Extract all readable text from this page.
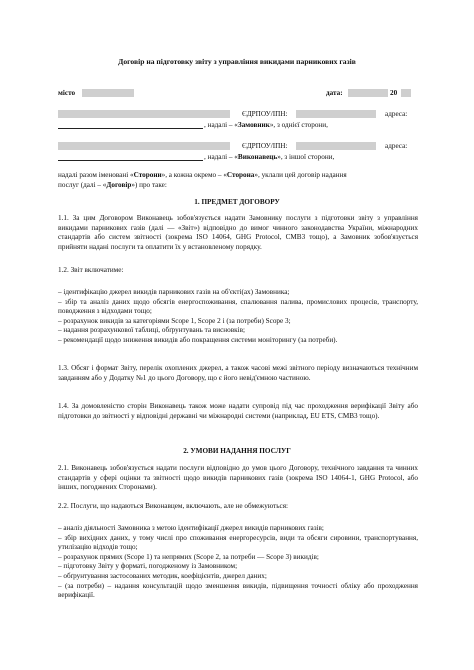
Договір на підготовку звіту з управління викидами парникових газів
місто	дата:	20
ЄДРПОУ/ІПН:	адреса:
, надалі – «Замовник», з однієї сторони,
ЄДРПОУ/ІПН:	адреса:
, надалі – «Виконавець», з іншої сторони,
надалі разом іменовані «Сторони», а кожна окремо – «Сторона», уклали цей договір надання
послуг (далі – «Договір») про таке:
1. ПРЕДМЕТ ДОГОВОРУ
1.1. За цим Договором Виконавець зобов'язується надати Замовнику послуги з підготовки звіту з управління викидами парникових газів (далі — «Звіт») відповідно до вимог чинного законодавства України, міжнародних стандартів або систем звітності (зокрема ISO 14064, GHG Protocol, CMB3 тощо), а Замовник зобов'язується прийняти надані послуги та оплатити їх у встановленому порядку.
1.2. Звіт включатиме:
– ідентифікацію джерел викидів парникових газів на об'єкті(ах) Замовника;
– збір та аналіз даних щодо обсягів енергоспоживання, спалювання палива, промислових процесів, транспорту, поводження з відходами тощо;
– розрахунок викидів за категоріями Scope 1, Scope 2 і (за потреби) Scope 3;
– надання розрахункової таблиці, обґрунтувань та висновків;
– рекомендації щодо зниження викидів або покращення системи моніторингу (за потреби).
1.3. Обсяг і формат Звіту, перелік охоплених джерел, а також часові межі звітного періоду визначаються технічним завданням або у Додатку №1 до цього Договору, що є його невід'ємною частиною.
1.4. За домовленістю сторін Виконавець також може надати супровід під час проходження верифікації Звіту або підготовки до звітності у відповідні державні чи міжнародні системи (наприклад, EU ETS, CMB3 тощо).
2. УМОВИ НАДАННЯ ПОСЛУГ
2.1. Виконавець зобов'язується надати послуги відповідно до умов цього Договору, технічного завдання та чинних стандартів у сфері оцінки та звітності щодо викидів парникових газів (зокрема ISO 14064-1, GHG Protocol, або інших, погоджених Сторонами).
2.2. Послуги, що надаються Виконавцем, включають, але не обмежуються:
– аналіз діяльності Замовника з метою ідентифікації джерел викидів парникових газів;
– збір вихідних даних, у тому числі про споживання енергоресурсів, види та обсяги сировини, транспортування, утилізацію відходів тощо;
– розрахунок прямих (Scope 1) та непрямих (Scope 2, за потреби — Scope 3) викидів;
– підготовку Звіту у форматі, погодженому із Замовником;
– обґрунтування застосованих методик, коефіцієнтів, джерел даних;
– (за потреби) – надання консультацій щодо зменшення викидів, підвищення точності обліку або проходження верифікації.
